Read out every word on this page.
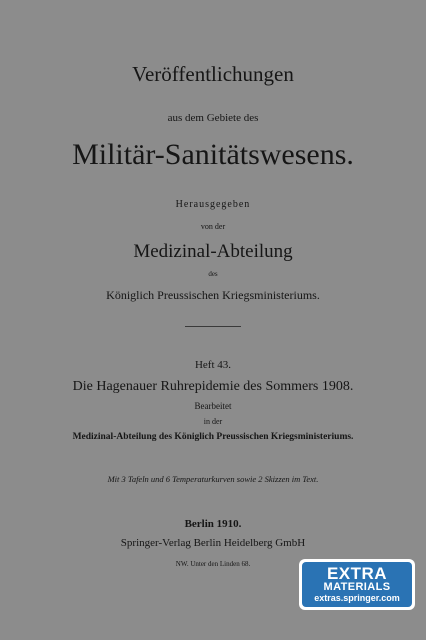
Veröffentlichungen
aus dem Gebiete des
Militär-Sanitätswesens.
Herausgegeben
von der
Medizinal-Abteilung
des
Königlich Preussischen Kriegsministeriums.
Heft 43.
Die Hagenauer Ruhrepidemie des Sommers 1908.
Bearbeitet
in der
Medizinal-Abteilung des Königlich Preussischen Kriegsministeriums.
Mit 3 Tafeln und 6 Temperaturkurven sowie 2 Skizzen im Text.
Berlin 1910.
Springer-Verlag Berlin Heidelberg GmbH
NW. Unter den Linden 68.	EXTRA
MATERIALS
extras.springer.com
